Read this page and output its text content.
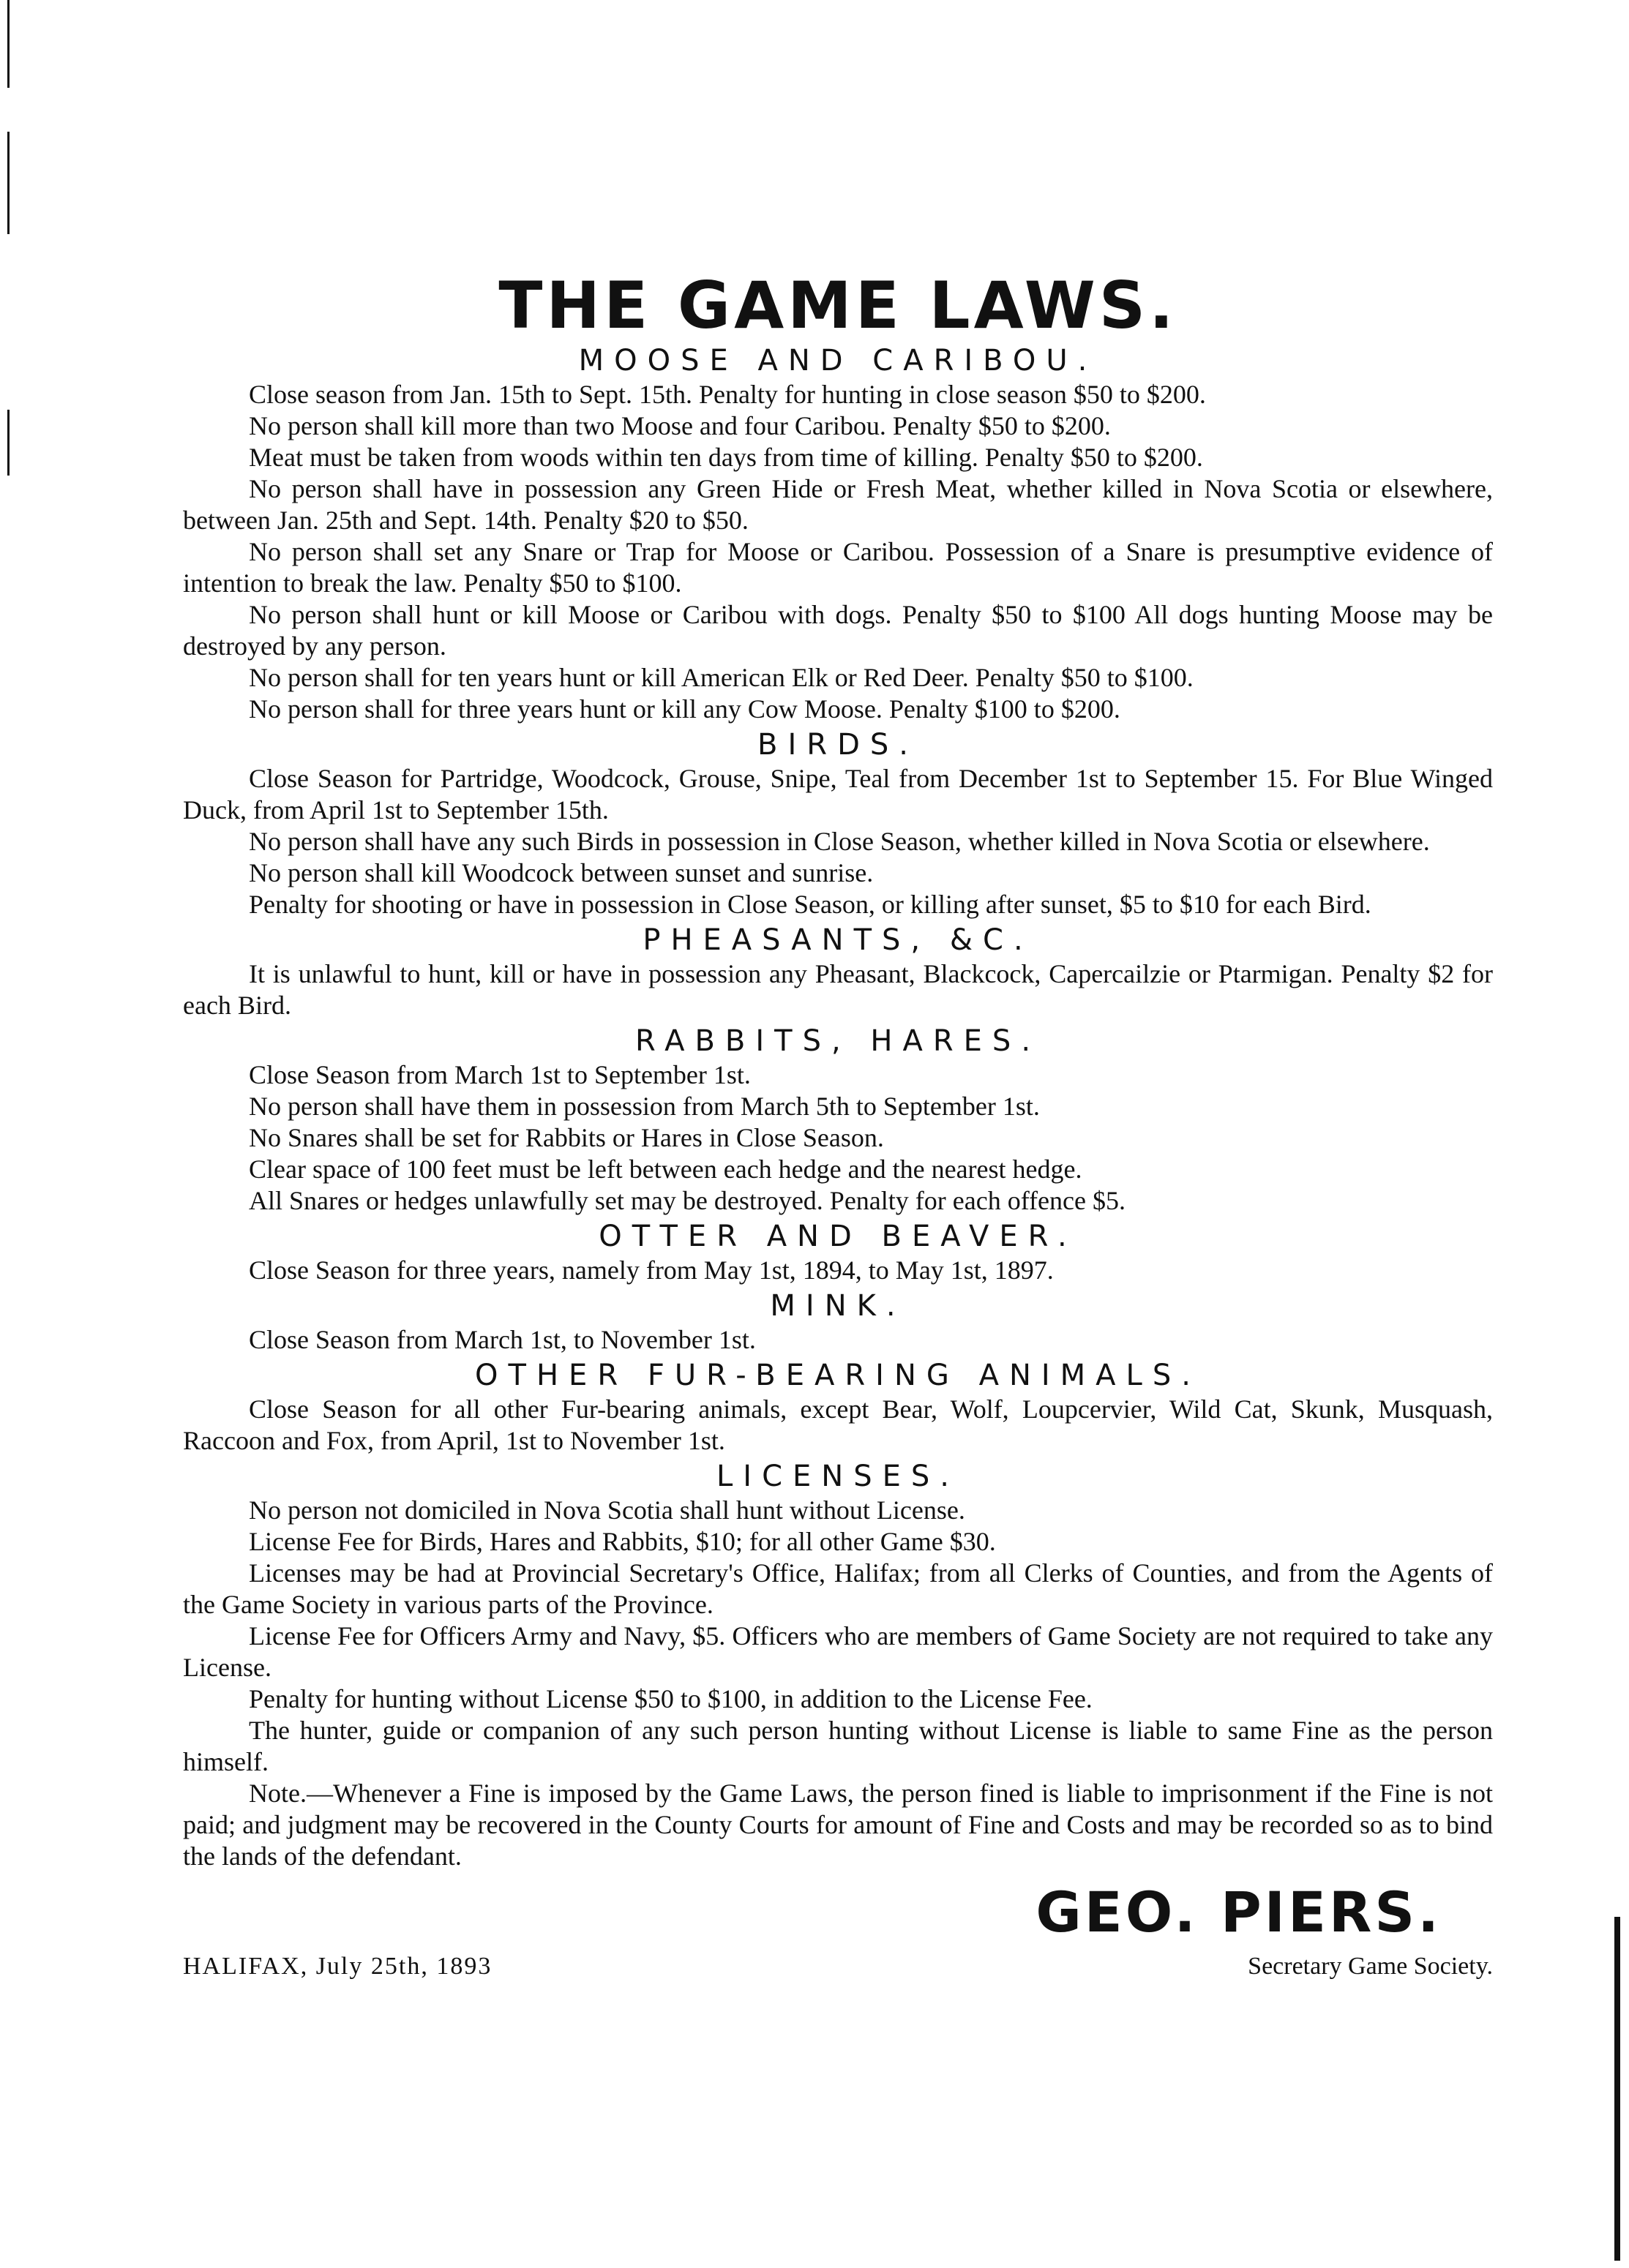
THE GAME LAWS.
MOOSE AND CARIBOU.

Close season from Jan. 15th to Sept. 15th. Penalty for hunting in close season $50 to $200.

No person shall kill more than two Moose and four Caribou. Penalty $50 to $200.

Meat must be taken from woods within ten days from time of killing. Penalty $50 to $200.

No person shall have in possession any Green Hide or Fresh Meat, whether killed in Nova Scotia or elsewhere, between Jan. 25th and Sept. 14th. Penalty $20 to $50.

No person shall set any Snare or Trap for Moose or Caribou. Possession of a Snare is presumptive evidence of intention to break the law. Penalty $50 to $100.

No person shall hunt or kill Moose or Caribou with dogs. Penalty $50 to $100 All dogs hunting Moose may be destroyed by any person.

No person shall for ten years hunt or kill American Elk or Red Deer. Penalty $50 to $100.

No person shall for three years hunt or kill any Cow Moose. Penalty $100 to $200.

BIRDS.

Close Season for Partridge, Woodcock, Grouse, Snipe, Teal from December 1st to September 15. For Blue Winged Duck, from April 1st to September 15th.

No person shall have any such Birds in possession in Close Season, whether killed in Nova Scotia or elsewhere.

No person shall kill Woodcock between sunset and sunrise.

Penalty for shooting or have in possession in Close Season, or killing after sunset, $5 to $10 for each Bird.

PHEASANTS, &C.

It is unlawful to hunt, kill or have in possession any Pheasant, Blackcock, Capercailzie or Ptarmigan. Penalty $2 for each Bird.

RABBITS, HARES.

Close Season from March 1st to September 1st.

No person shall have them in possession from March 5th to September 1st.

No Snares shall be set for Rabbits or Hares in Close Season.

Clear space of 100 feet must be left between each hedge and the nearest hedge.

All Snares or hedges unlawfully set may be destroyed. Penalty for each offence $5.

OTTER AND BEAVER.

Close Season for three years, namely from May 1st, 1894, to May 1st, 1897.

MINK.

Close Season from March 1st, to November 1st.

OTHER FUR-BEARING ANIMALS.

Close Season for all other Fur-bearing animals, except Bear, Wolf, Loupcervier, Wild Cat, Skunk, Musquash, Raccoon and Fox, from April, 1st to November 1st.

LICENSES.

No person not domiciled in Nova Scotia shall hunt without License.

License Fee for Birds, Hares and Rabbits, $10; for all other Game $30.

Licenses may be had at Provincial Secretary's Office, Halifax; from all Clerks of Counties, and from the Agents of the Game Society in various parts of the Province.

License Fee for Officers Army and Navy, $5. Officers who are members of Game Society are not required to take any License.

Penalty for hunting without License $50 to $100, in addition to the License Fee.

The hunter, guide or companion of any such person hunting without License is liable to same Fine as the person himself.

Note.—Whenever a Fine is imposed by the Game Laws, the person fined is liable to imprisonment if the Fine is not paid; and judgment may be recovered in the County Courts for amount of Fine and Costs and may be recorded so as to bind the lands of the defendant.

GEO. PIERS.
HALIFAX, July 25th, 1893	Secretary Game Society.
